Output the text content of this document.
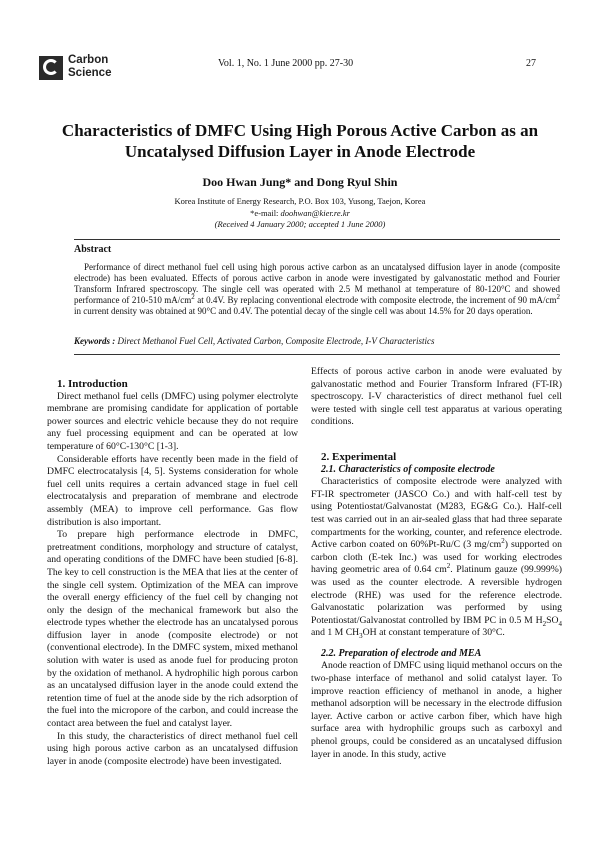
Carbon
Science
Vol. 1, No. 1 June 2000 pp. 27-30	27
Characteristics of DMFC Using High Porous Active Carbon as an
Uncatalysed Diffusion Layer in Anode Electrode
Doo Hwan Jung* and Dong Ryul Shin
Korea Institute of Energy Research, P.O. Box 103, Yusong, Taejon, Korea
*e-mail: doohwan@kier.re.kr
(Received 4 January 2000; accepted 1 June 2000)
Abstract
Performance of direct methanol fuel cell using high porous active carbon as an uncatalysed diffusion layer in anode (composite electrode) has been evaluated. Effects of porous active carbon in anode were investigated by galvanostatic method and Fourier Transform Infrared spectroscopy. The single cell was operated with 2.5 M methanol at temperature of 80-120°C and showed performance of 210-510 $mA/cm^2$ at 0.4V. By replacing conventional electrode with composite electrode, the increment of 90 $mA/cm^2$ in current density was obtained at 90°C and 0.4V. The potential decay of the single cell was about 14.5% for 20 days operation.
Keywords : Direct Methanol Fuel Cell, Activated Carbon, Composite Electrode, I-V Characteristics

1. Introduction

Direct methanol fuel cells (DMFC) using polymer electrolyte membrane are promising candidate for application of portable power sources and electric vehicle because they do not require any fuel processing equipment and can be operated at low temperature of 60°C-130°C [1-3].

Considerable efforts have recently been made in the field of DMFC electrocatalysis [4, 5]. Systems consideration for whole fuel cell units requires a certain advanced stage in fuel cell electrocatalysis and preparation of membrane and electrode assembly (MEA) to improve cell performance. Gas flow distribution is also important.

To prepare high performance electrode in DMFC, pretreatment conditions, morphology and structure of catalyst, and operating conditions of the DMFC have been studied [6-8]. The key to cell construction is the MEA that lies at the center of the single cell system. Optimization of the MEA can improve the overall energy efficiency of the fuel cell by changing not only the design of the mechanical framework but also the electrode types whether the electrode has an uncatalysed porous diffusion layer in anode (composite electrode) or not (conventional electrode). In the DMFC system, mixed methanol solution with water is used as anode fuel for producing proton by the oxidation of methanol. A hydrophilic high porous carbon as an uncatalysed diffusion layer in the anode could extend the retention time of fuel at the anode side by the rich adsorption of the fuel into the micropore of the carbon, and could increase the contact area between the fuel and catalyst layer.

In this study, the characteristics of direct methanol fuel cell using high porous active carbon as an uncatalysed diffusion layer in anode (composite electrode) have been investigated.

Effects of porous active carbon in anode were evaluated by galvanostatic method and Fourier Transform Infrared (FT-IR) spectroscopy. I-V characteristics of direct methanol fuel cell were tested with single cell test apparatus at various operating conditions.

2. Experimental

2.1. Characteristics of composite electrode

Characteristics of composite electrode were analyzed with FT-IR spectrometer (JASCO Co.) and with half-cell test by using Potentiostat/Galvanostat (M283, EG&G Co.). Half-cell test was carried out in an air-sealed glass that had three separate compartments for the working, counter, and reference electrode. Active carbon coated on 60%Pt-Ru/C (3 $mg/cm^2$) supported on carbon cloth (E-tek Inc.) was used for working electrodes having geometric area of 0.64 $cm^2$. Platinum gauze (99.999%) was used as the counter electrode. A reversible hydrogen electrode (RHE) was used for the reference electrode. Galvanostatic polarization was performed by using Potentiostat/Galvanostat controlled by IBM PC in 0.5 M $H_2SO_4$ and 1 M $CH_3OH$ at constant temperature of 30°C.

2.2. Preparation of electrode and MEA

Anode reaction of DMFC using liquid methanol occurs on the two-phase interface of methanol and solid catalyst layer. To improve reaction efficiency of methanol in anode, a higher methanol adsorption will be necessary in the electrode diffusion layer. Active carbon or active carbon fiber, which have high surface area with hydrophilic groups such as carboxyl and phenol groups, could be considered as an uncatalysed diffusion layer in anode. In this study, active
